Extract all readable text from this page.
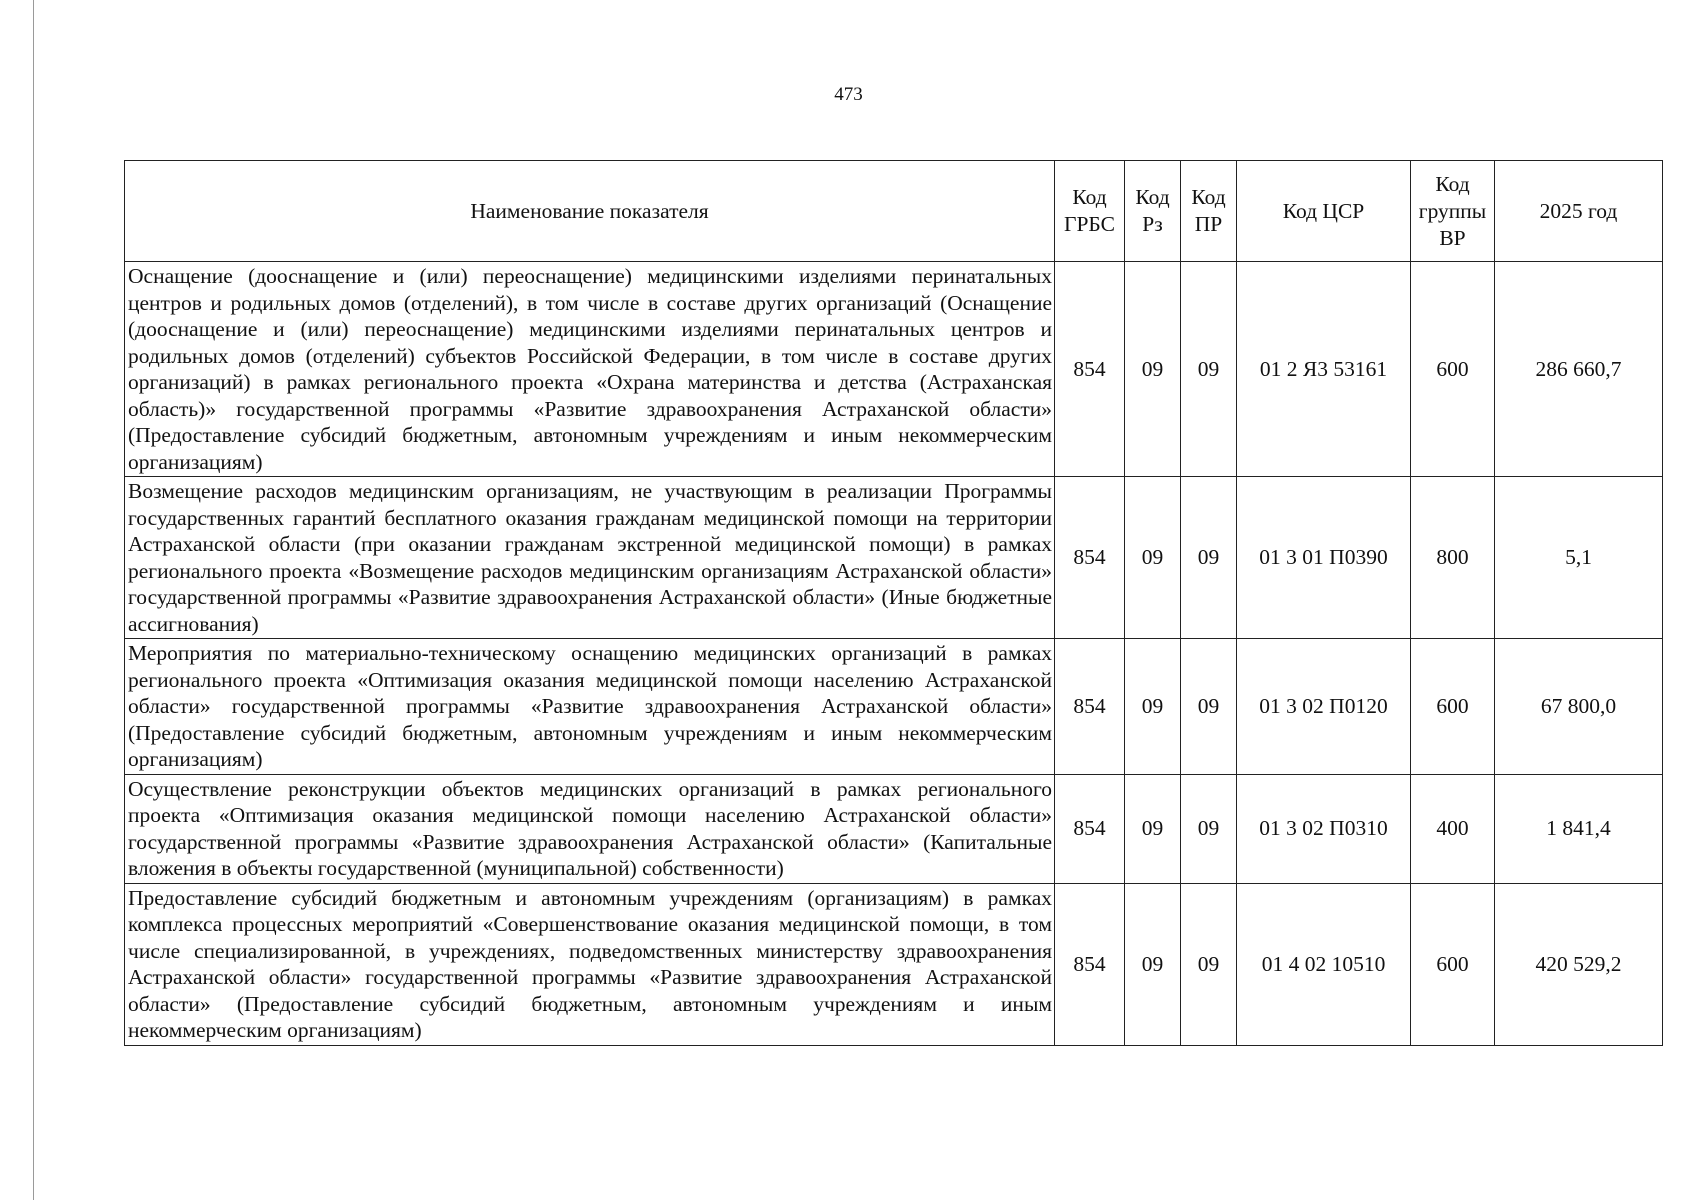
473
Наименование показателя	Код ГРБС	Код Рз	Код ПР	Код ЦСР	Код группы ВР	2025 год
Оснащение (дооснащение и (или) переоснащение) медицинскими изделиями перинатальных центров и родильных домов (отделений), в том числе в составе других организаций (Оснащение (дооснащение и (или) переоснащение) медицинскими изделиями перинатальных центров и родильных домов (отделений) субъектов Российской Федерации, в том числе в составе других организаций) в рамках регионального проекта «Охрана материнства и детства (Астраханская область)» государственной программы «Развитие здравоохранения Астраханской области» (Предоставление субсидий бюджетным, автономным учреждениям и иным некоммерческим организациям)	854	09	09	01 2 Я3 53161	600	286 660,7
Возмещение расходов медицинским организациям, не участвующим в реализации Программы государственных гарантий бесплатного оказания гражданам медицинской помощи на территории Астраханской области (при оказании гражданам экстренной медицинской помощи) в рамках регионального проекта «Возмещение расходов медицинским организациям Астраханской области» государственной программы «Развитие здравоохранения Астраханской области» (Иные бюджетные ассигнования)	854	09	09	01 3 01 П0390	800	5,1
Мероприятия по материально-техническому оснащению медицинских организаций в рамках регионального проекта «Оптимизация оказания медицинской помощи населению Астраханской области» государственной программы «Развитие здравоохранения Астраханской области» (Предоставление субсидий бюджетным, автономным учреждениям и иным некоммерческим организациям)	854	09	09	01 3 02 П0120	600	67 800,0
Осуществление реконструкции объектов медицинских организаций в рамках регионального проекта «Оптимизация оказания медицинской помощи населению Астраханской области» государственной программы «Развитие здравоохранения Астраханской области» (Капитальные вложения в объекты государственной (муниципальной) собственности)	854	09	09	01 3 02 П0310	400	1 841,4
Предоставление субсидий бюджетным и автономным учреждениям (организациям) в рамках комплекса процессных мероприятий «Совершенствование оказания медицинской помощи, в том числе специализированной, в учреждениях, подведомственных министерству здравоохранения Астраханской области» государственной программы «Развитие здравоохранения Астраханской области» (Предоставление субсидий бюджетным, автономным учреждениям и иным некоммерческим организациям)	854	09	09	01 4 02 10510	600	420 529,2
